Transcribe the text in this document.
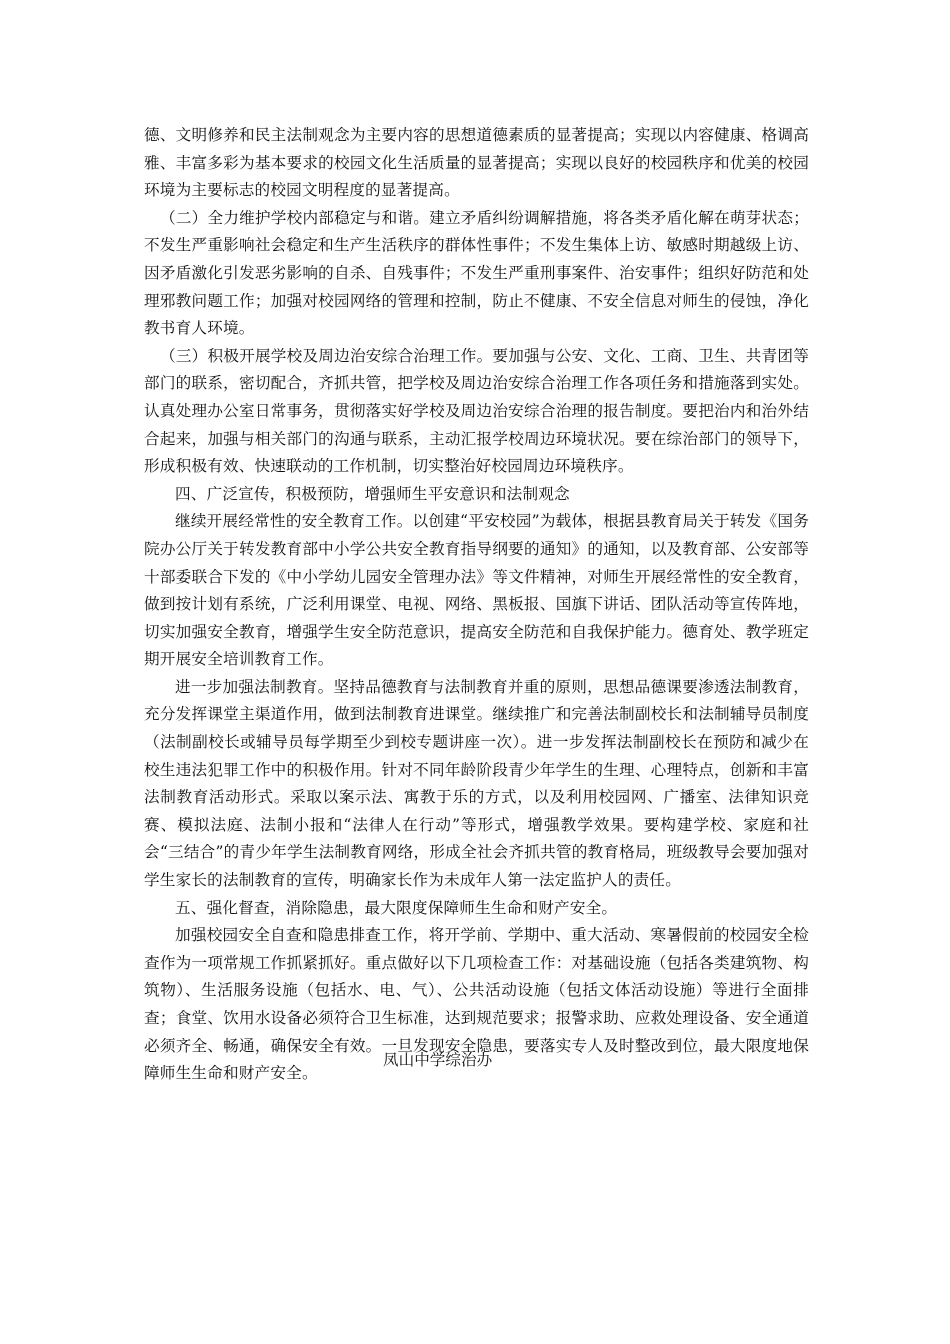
德、文明修养和民主法制观念为主要内容的思想道德素质的显著提高；实现以内容健康、格调高雅、丰富多彩为基本要求的校园文化生活质量的显著提高；实现以良好的校园秩序和优美的校园环境为主要标志的校园文明程度的显著提高。

（二）全力维护学校内部稳定与和谐。建立矛盾纠纷调解措施，将各类矛盾化解在萌芽状态；不发生严重影响社会稳定和生产生活秩序的群体性事件；不发生集体上访、敏感时期越级上访、因矛盾激化引发恶劣影响的自杀、自残事件；不发生严重刑事案件、治安事件；组织好防范和处理邪教问题工作；加强对校园网络的管理和控制，防止不健康、不安全信息对师生的侵蚀，净化教书育人环境。

（三）积极开展学校及周边治安综合治理工作。要加强与公安、文化、工商、卫生、共青团等部门的联系，密切配合，齐抓共管，把学校及周边治安综合治理工作各项任务和措施落到实处。认真处理办公室日常事务，贯彻落实好学校及周边治安综合治理的报告制度。要把治内和治外结合起来，加强与相关部门的沟通与联系，主动汇报学校周边环境状况。要在综治部门的领导下，形成积极有效、快速联动的工作机制，切实整治好校园周边环境秩序。

四、广泛宣传，积极预防，增强师生平安意识和法制观念

继续开展经常性的安全教育工作。以创建“平安校园”为载体，根据县教育局关于转发《国务院办公厅关于转发教育部中小学公共安全教育指导纲要的通知》的通知，以及教育部、公安部等十部委联合下发的《中小学幼儿园安全管理办法》等文件精神，对师生开展经常性的安全教育，做到按计划有系统，广泛利用课堂、电视、网络、黑板报、国旗下讲话、团队活动等宣传阵地，切实加强安全教育，增强学生安全防范意识，提高安全防范和自我保护能力。德育处、教学班定期开展安全培训教育工作。

进一步加强法制教育。坚持品德教育与法制教育并重的原则，思想品德课要渗透法制教育，充分发挥课堂主渠道作用，做到法制教育进课堂。继续推广和完善法制副校长和法制辅导员制度（法制副校长或辅导员每学期至少到校专题讲座一次）。进一步发挥法制副校长在预防和减少在校生违法犯罪工作中的积极作用。针对不同年龄阶段青少年学生的生理、心理特点，创新和丰富法制教育活动形式。采取以案示法、寓教于乐的方式，以及利用校园网、广播室、法律知识竞赛、模拟法庭、法制小报和“法律人在行动”等形式，增强教学效果。要构建学校、家庭和社会“三结合”的青少年学生法制教育网络，形成全社会齐抓共管的教育格局，班级教导会要加强对学生家长的法制教育的宣传，明确家长作为未成年人第一法定监护人的责任。

五、强化督查，消除隐患，最大限度保障师生生命和财产安全。

加强校园安全自查和隐患排查工作，将开学前、学期中、重大活动、寒暑假前的校园安全检查作为一项常规工作抓紧抓好。重点做好以下几项检查工作：对基础设施（包括各类建筑物、构筑物）、生活服务设施（包括水、电、气）、公共活动设施（包括文体活动设施）等进行全面排查；食堂、饮用水设备必须符合卫生标准，达到规范要求；报警求助、应救处理设备、安全通道必须齐全、畅通，确保安全有效。一旦发现安全隐患，要落实专人及时整改到位，最大限度地保障师生生命和财产安全。

凤山中学综治办
